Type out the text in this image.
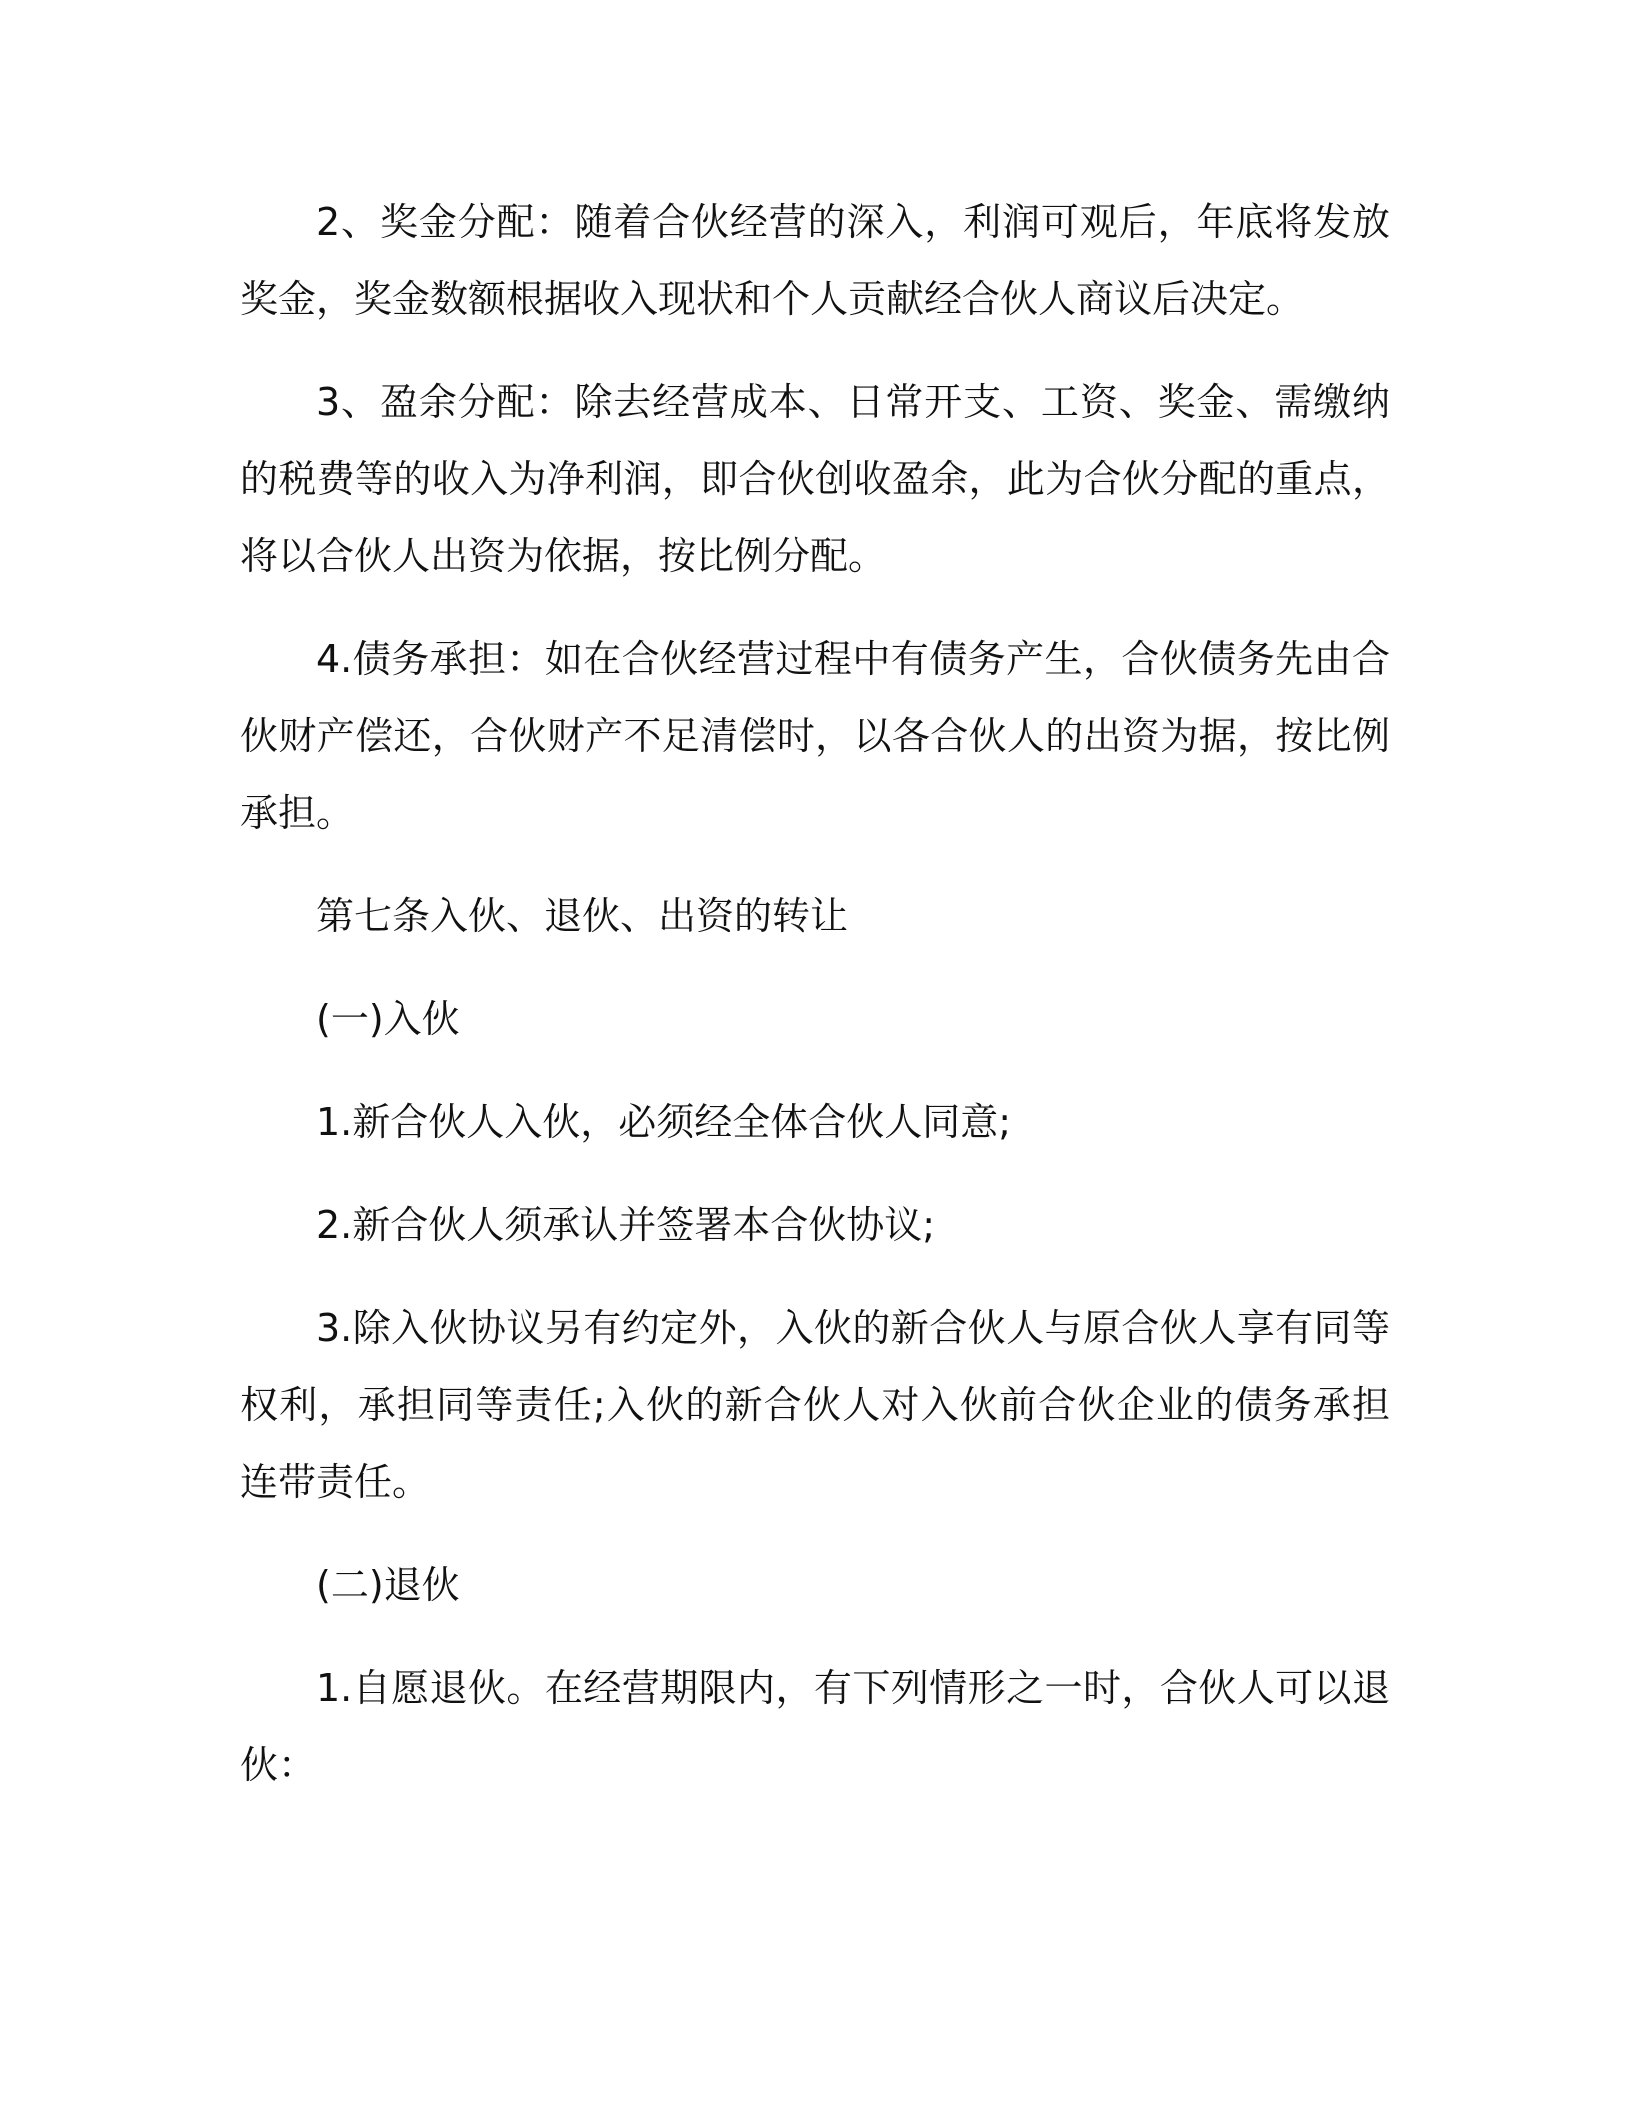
2、奖金分配：随着合伙经营的深入，利润可观后，年底将发放奖金，奖金数额根据收入现状和个人贡献经合伙人商议后决定。

3、盈余分配：除去经营成本、日常开支、工资、奖金、需缴纳的税费等的收入为净利润，即合伙创收盈余，此为合伙分配的重点，将以合伙人出资为依据，按比例分配。

4.债务承担：如在合伙经营过程中有债务产生，合伙债务先由合伙财产偿还，合伙财产不足清偿时，以各合伙人的出资为据，按比例承担。

第七条入伙、退伙、出资的转让

(一)入伙

1.新合伙人入伙，必须经全体合伙人同意;

2.新合伙人须承认并签署本合伙协议;

3.除入伙协议另有约定外，入伙的新合伙人与原合伙人享有同等权利，承担同等责任;入伙的新合伙人对入伙前合伙企业的债务承担连带责任。

(二)退伙

1.自愿退伙。在经营期限内，有下列情形之一时，合伙人可以退伙：
